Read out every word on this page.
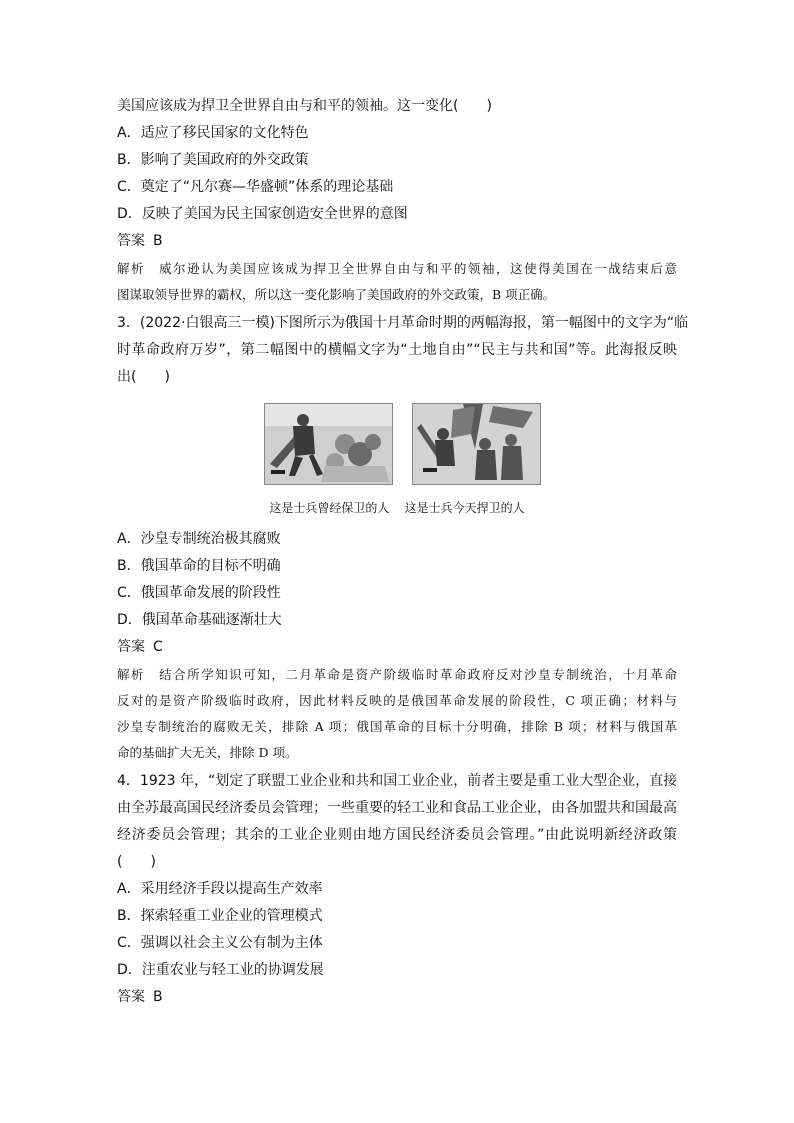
美国应该成为捍卫全世界自由与和平的领袖。这一变化(　　)
A．适应了移民国家的文化特色
B．影响了美国政府的外交政策
C．奠定了“凡尔赛—华盛顿”体系的理论基础
D．反映了美国为民主国家创造安全世界的意图
答案 B
解析 威尔逊认为美国应该成为捍卫全世界自由与和平的领袖，这使得美国在一战结束后意
图谋取领导世界的霸权，所以这一变化影响了美国政府的外交政策，B 项正确。
3．(2022·白银高三一模)下图所示为俄国十月革命时期的两幅海报，第一幅图中的文字为“临
时革命政府万岁”，第二幅图中的横幅文字为“土地自由”“民主与共和国”等。此海报反映
出(　　)
这是士兵曾经保卫的人    这是士兵今天捍卫的人
A．沙皇专制统治极其腐败
B．俄国革命的目标不明确
C．俄国革命发展的阶段性
D．俄国革命基础逐渐壮大
答案 C
解析 结合所学知识可知，二月革命是资产阶级临时革命政府反对沙皇专制统治，十月革命
反对的是资产阶级临时政府，因此材料反映的是俄国革命发展的阶段性，C 项正确；材料与
沙皇专制统治的腐败无关，排除 A 项；俄国革命的目标十分明确，排除 B 项；材料与俄国革
命的基础扩大无关，排除 D 项。
4．1923 年，“划定了联盟工业企业和共和国工业企业，前者主要是重工业大型企业，直接
由全苏最高国民经济委员会管理；一些重要的轻工业和食品工业企业，由各加盟共和国最高
经济委员会管理；其余的工业企业则由地方国民经济委员会管理。”由此说明新经济政策
(　　)
A．采用经济手段以提高生产效率
B．探索轻重工业企业的管理模式
C．强调以社会主义公有制为主体
D．注重农业与轻工业的协调发展
答案 B
